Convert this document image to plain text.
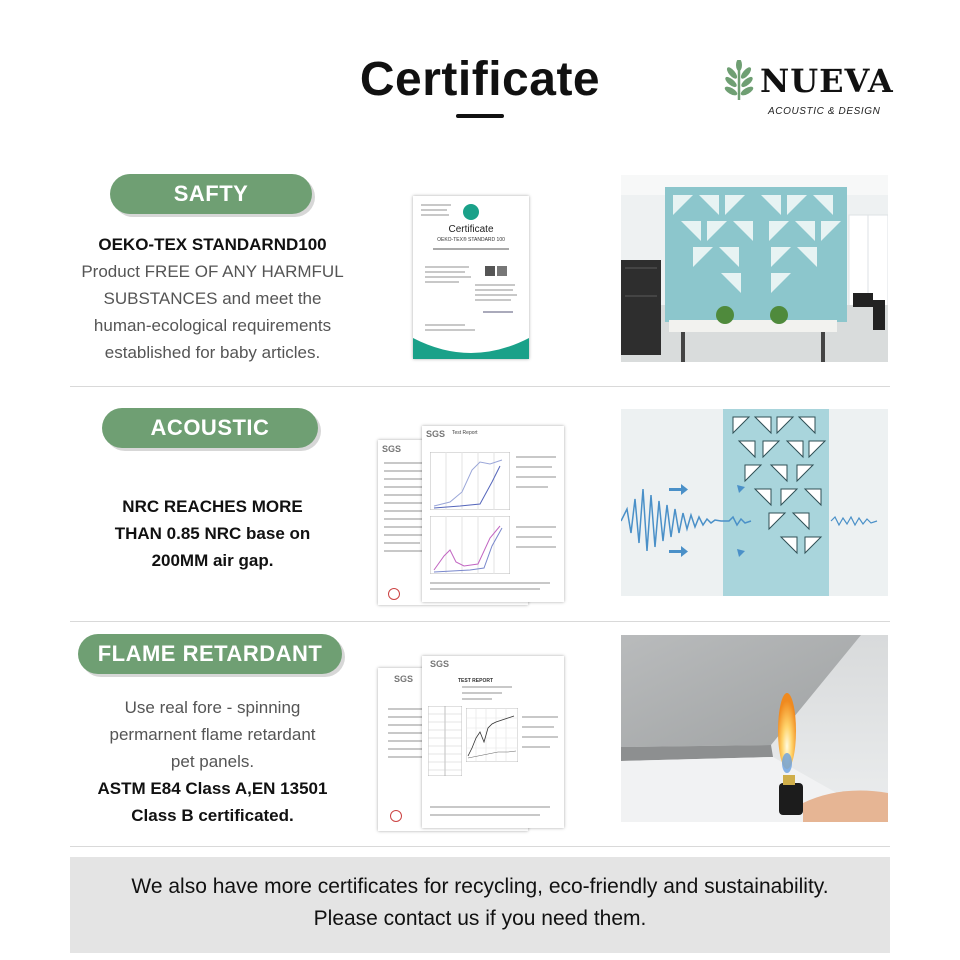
Certificate	NUEVA
ACOUSTIC & DESIGN
SAFTY
OEKO-TEX STANDARND100
Product FREE OF ANY HARMFUL
SUBSTANCES and meet the
human-ecological requirements
established for baby articles.
Certificate
OEKO-TEX® STANDARD 100
ACOUSTIC
NRC REACHES MORE
THAN 0.85 NRC base on
200MM air gap.
SGS
SGS Test Report
FLAME RETARDANT
Use real fore - spinning
permarnent flame retardant
pet panels.
ASTM E84 Class A,EN 13501
Class B certificated.
SGS
SGS
TEST REPORT
We also have more certificates for recycling, eco-friendly and sustainability.
Please contact us if you need them.
